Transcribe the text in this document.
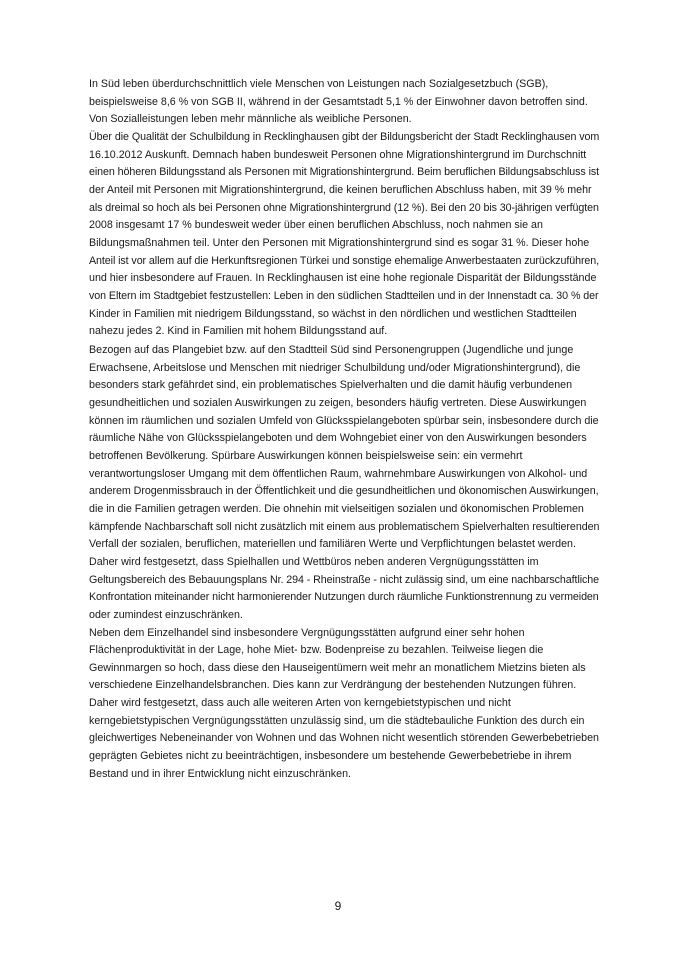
In Süd leben überdurchschnittlich viele Menschen von Leistungen nach Sozialgesetzbuch (SGB),
beispielsweise 8,6 % von SGB II, während in der Gesamtstadt 5,1 % der Einwohner davon betroffen sind.
Von Sozialleistungen leben mehr männliche als weibliche Personen.
Über die Qualität der Schulbildung in Recklinghausen gibt der Bildungsbericht der Stadt Recklinghausen vom
16.10.2012 Auskunft. Demnach haben bundesweit Personen ohne Migrationshintergrund im Durchschnitt
einen höheren Bildungsstand als Personen mit Migrationshintergrund. Beim beruflichen Bildungsabschluss ist
der Anteil mit Personen mit Migrationshintergrund, die keinen beruflichen Abschluss haben, mit 39 % mehr
als dreimal so hoch als bei Personen ohne Migrationshintergrund (12 %). Bei den 20 bis 30-jährigen verfügten
2008 insgesamt 17 % bundesweit weder über einen beruflichen Abschluss, noch nahmen sie an
Bildungsmaßnahmen teil. Unter den Personen mit Migrationshintergrund sind es sogar 31 %. Dieser hohe
Anteil ist vor allem auf die Herkunftsregionen Türkei und sonstige ehemalige Anwerbestaaten zurückzuführen,
und hier insbesondere auf Frauen. In Recklinghausen ist eine hohe regionale Disparität der Bildungsstände
von Eltern im Stadtgebiet festzustellen: Leben in den südlichen Stadtteilen und in der Innenstadt ca. 30 % der
Kinder in Familien mit niedrigem Bildungsstand, so wächst in den nördlichen und westlichen Stadtteilen
nahezu jedes 2. Kind in Familien mit hohem Bildungsstand auf.
Bezogen auf das Plangebiet bzw. auf den Stadtteil Süd sind Personengruppen (Jugendliche und junge
Erwachsene, Arbeitslose und Menschen mit niedriger Schulbildung und/oder Migrationshintergrund), die
besonders stark gefährdet sind, ein problematisches Spielverhalten und die damit häufig verbundenen
gesundheitlichen und sozialen Auswirkungen zu zeigen, besonders häufig vertreten. Diese Auswirkungen
können im räumlichen und sozialen Umfeld von Glücksspielangeboten spürbar sein, insbesondere durch die
räumliche Nähe von Glücksspielangeboten und dem Wohngebiet einer von den Auswirkungen besonders
betroffenen Bevölkerung. Spürbare Auswirkungen können beispielsweise sein: ein vermehrt
verantwortungsloser Umgang mit dem öffentlichen Raum, wahrnehmbare Auswirkungen von Alkohol- und
anderem Drogenmissbrauch in der Öffentlichkeit und die gesundheitlichen und ökonomischen Auswirkungen,
die in die Familien getragen werden. Die ohnehin mit vielseitigen sozialen und ökonomischen Problemen
kämpfende Nachbarschaft soll nicht zusätzlich mit einem aus problematischem Spielverhalten resultierenden
Verfall der sozialen, beruflichen, materiellen und familiären Werte und Verpflichtungen belastet werden.
Daher wird festgesetzt, dass Spielhallen und Wettbüros neben anderen Vergnügungsstätten im
Geltungsbereich des Bebauungsplans Nr. 294 - Rheinstraße - nicht zulässig sind, um eine nachbarschaftliche
Konfrontation miteinander nicht harmonierender Nutzungen durch räumliche Funktionstrennung zu vermeiden
oder zumindest einzuschränken.
Neben dem Einzelhandel sind insbesondere Vergnügungsstätten aufgrund einer sehr hohen
Flächenproduktivität in der Lage, hohe Miet- bzw. Bodenpreise zu bezahlen. Teilweise liegen die
Gewinnmargen so hoch, dass diese den Hauseigentümern weit mehr an monatlichem Mietzins bieten als
verschiedene Einzelhandelsbranchen. Dies kann zur Verdrängung der bestehenden Nutzungen führen.
Daher wird festgesetzt, dass auch alle weiteren Arten von kerngebietstypischen und nicht
kerngebietstypischen Vergnügungsstätten unzulässig sind, um die städtebauliche Funktion des durch ein
gleichwertiges Nebeneinander von Wohnen und das Wohnen nicht wesentlich störenden Gewerbebetrieben
geprägten Gebietes nicht zu beeinträchtigen, insbesondere um bestehende Gewerbebetriebe in ihrem
Bestand und in ihrer Entwicklung nicht einzuschränken.
9
